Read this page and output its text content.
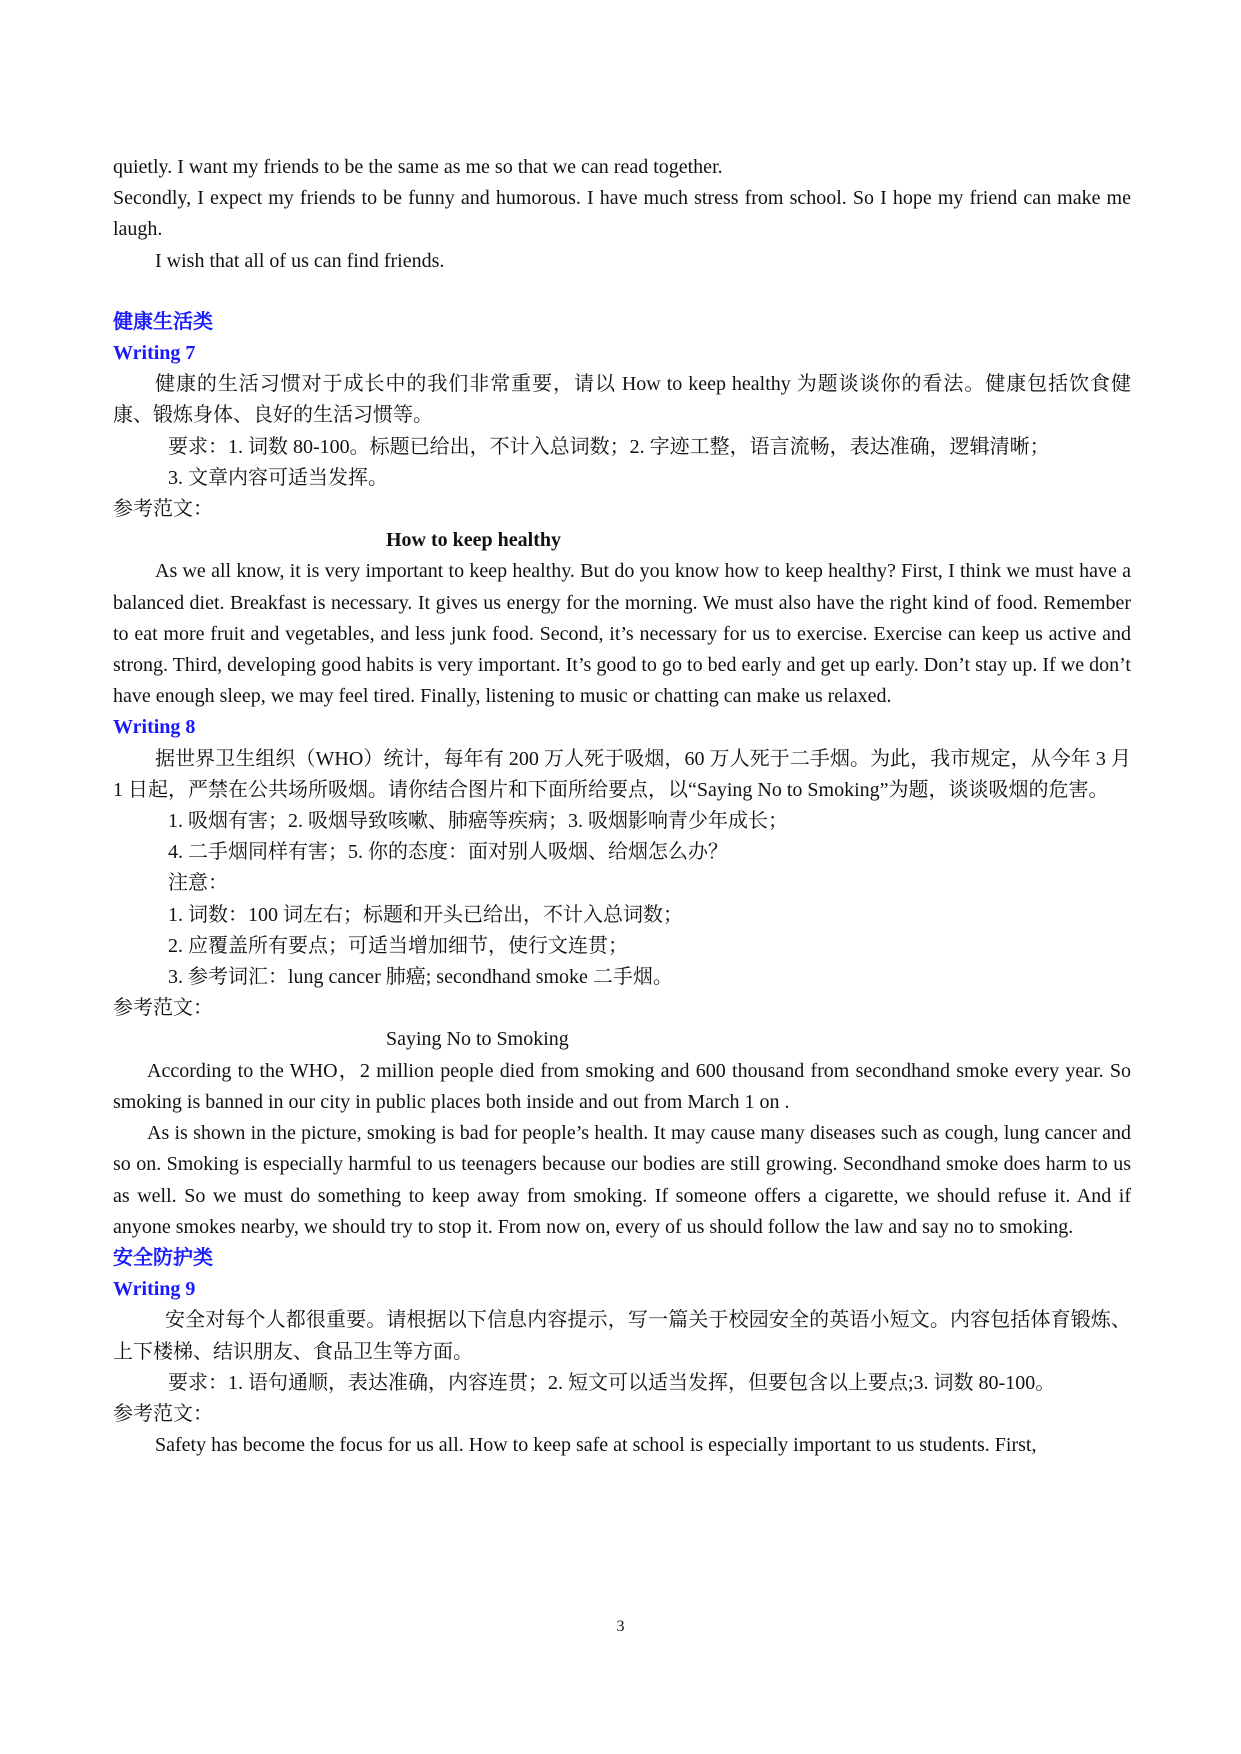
quietly. I want my friends to be the same as me so that we can read together.

Secondly, I expect my friends to be funny and humorous. I have much stress from school. So I hope my friend can make me laugh.

I wish that all of us can find friends.

健康生活类

Writing 7

健康的生活习惯对于成长中的我们非常重要，请以 How to keep healthy 为题谈谈你的看法。健康包括饮食健康、锻炼身体、良好的生活习惯等。

要求：1. 词数 80-100。标题已给出，不计入总词数；2. 字迹工整，语言流畅，表达准确，逻辑清晰；

3. 文章内容可适当发挥。

参考范文：

How to keep healthy

As we all know, it is very important to keep healthy. But do you know how to keep healthy? First, I think we must have a balanced diet. Breakfast is necessary. It gives us energy for the morning. We must also have the right kind of food. Remember to eat more fruit and vegetables, and less junk food. Second, it’s necessary for us to exercise. Exercise can keep us active and strong. Third, developing good habits is very important. It’s good to go to bed early and get up early. Don’t stay up. If we don’t have enough sleep, we may feel tired. Finally, listening to music or chatting can make us relaxed.

Writing 8

据世界卫生组织（WHO）统计，每年有 200 万人死于吸烟，60 万人死于二手烟。为此，我市规定，从今年 3 月 1 日起，严禁在公共场所吸烟。请你结合图片和下面所给要点，以“Saying No to Smoking”为题，谈谈吸烟的危害。

1. 吸烟有害；2. 吸烟导致咳嗽、肺癌等疾病；3. 吸烟影响青少年成长；

4. 二手烟同样有害；5. 你的态度：面对别人吸烟、给烟怎么办？

注意：

1. 词数：100 词左右；标题和开头已给出，不计入总词数；

2. 应覆盖所有要点；可适当增加细节，使行文连贯；

3. 参考词汇：lung cancer 肺癌; secondhand smoke 二手烟。

参考范文：

Saying No to Smoking

According to the WHO，2 million people died from smoking and 600 thousand from secondhand smoke every year. So smoking is banned in our city in public places both inside and out from March 1 on .

As is shown in the picture, smoking is bad for people’s health. It may cause many diseases such as cough, lung cancer and so on. Smoking is especially harmful to us teenagers because our bodies are still growing. Secondhand smoke does harm to us as well. So we must do something to keep away from smoking. If someone offers a cigarette, we should refuse it. And if anyone smokes nearby, we should try to stop it. From now on, every of us should follow the law and say no to smoking.

安全防护类

Writing 9

安全对每个人都很重要。请根据以下信息内容提示，写一篇关于校园安全的英语小短文。内容包括体育锻炼、上下楼梯、结识朋友、食品卫生等方面。

要求：1. 语句通顺，表达准确，内容连贯；2. 短文可以适当发挥，但要包含以上要点;3. 词数 80-100。

参考范文：

Safety has become the focus for us all. How to keep safe at school is especially important to us students. First,

3
